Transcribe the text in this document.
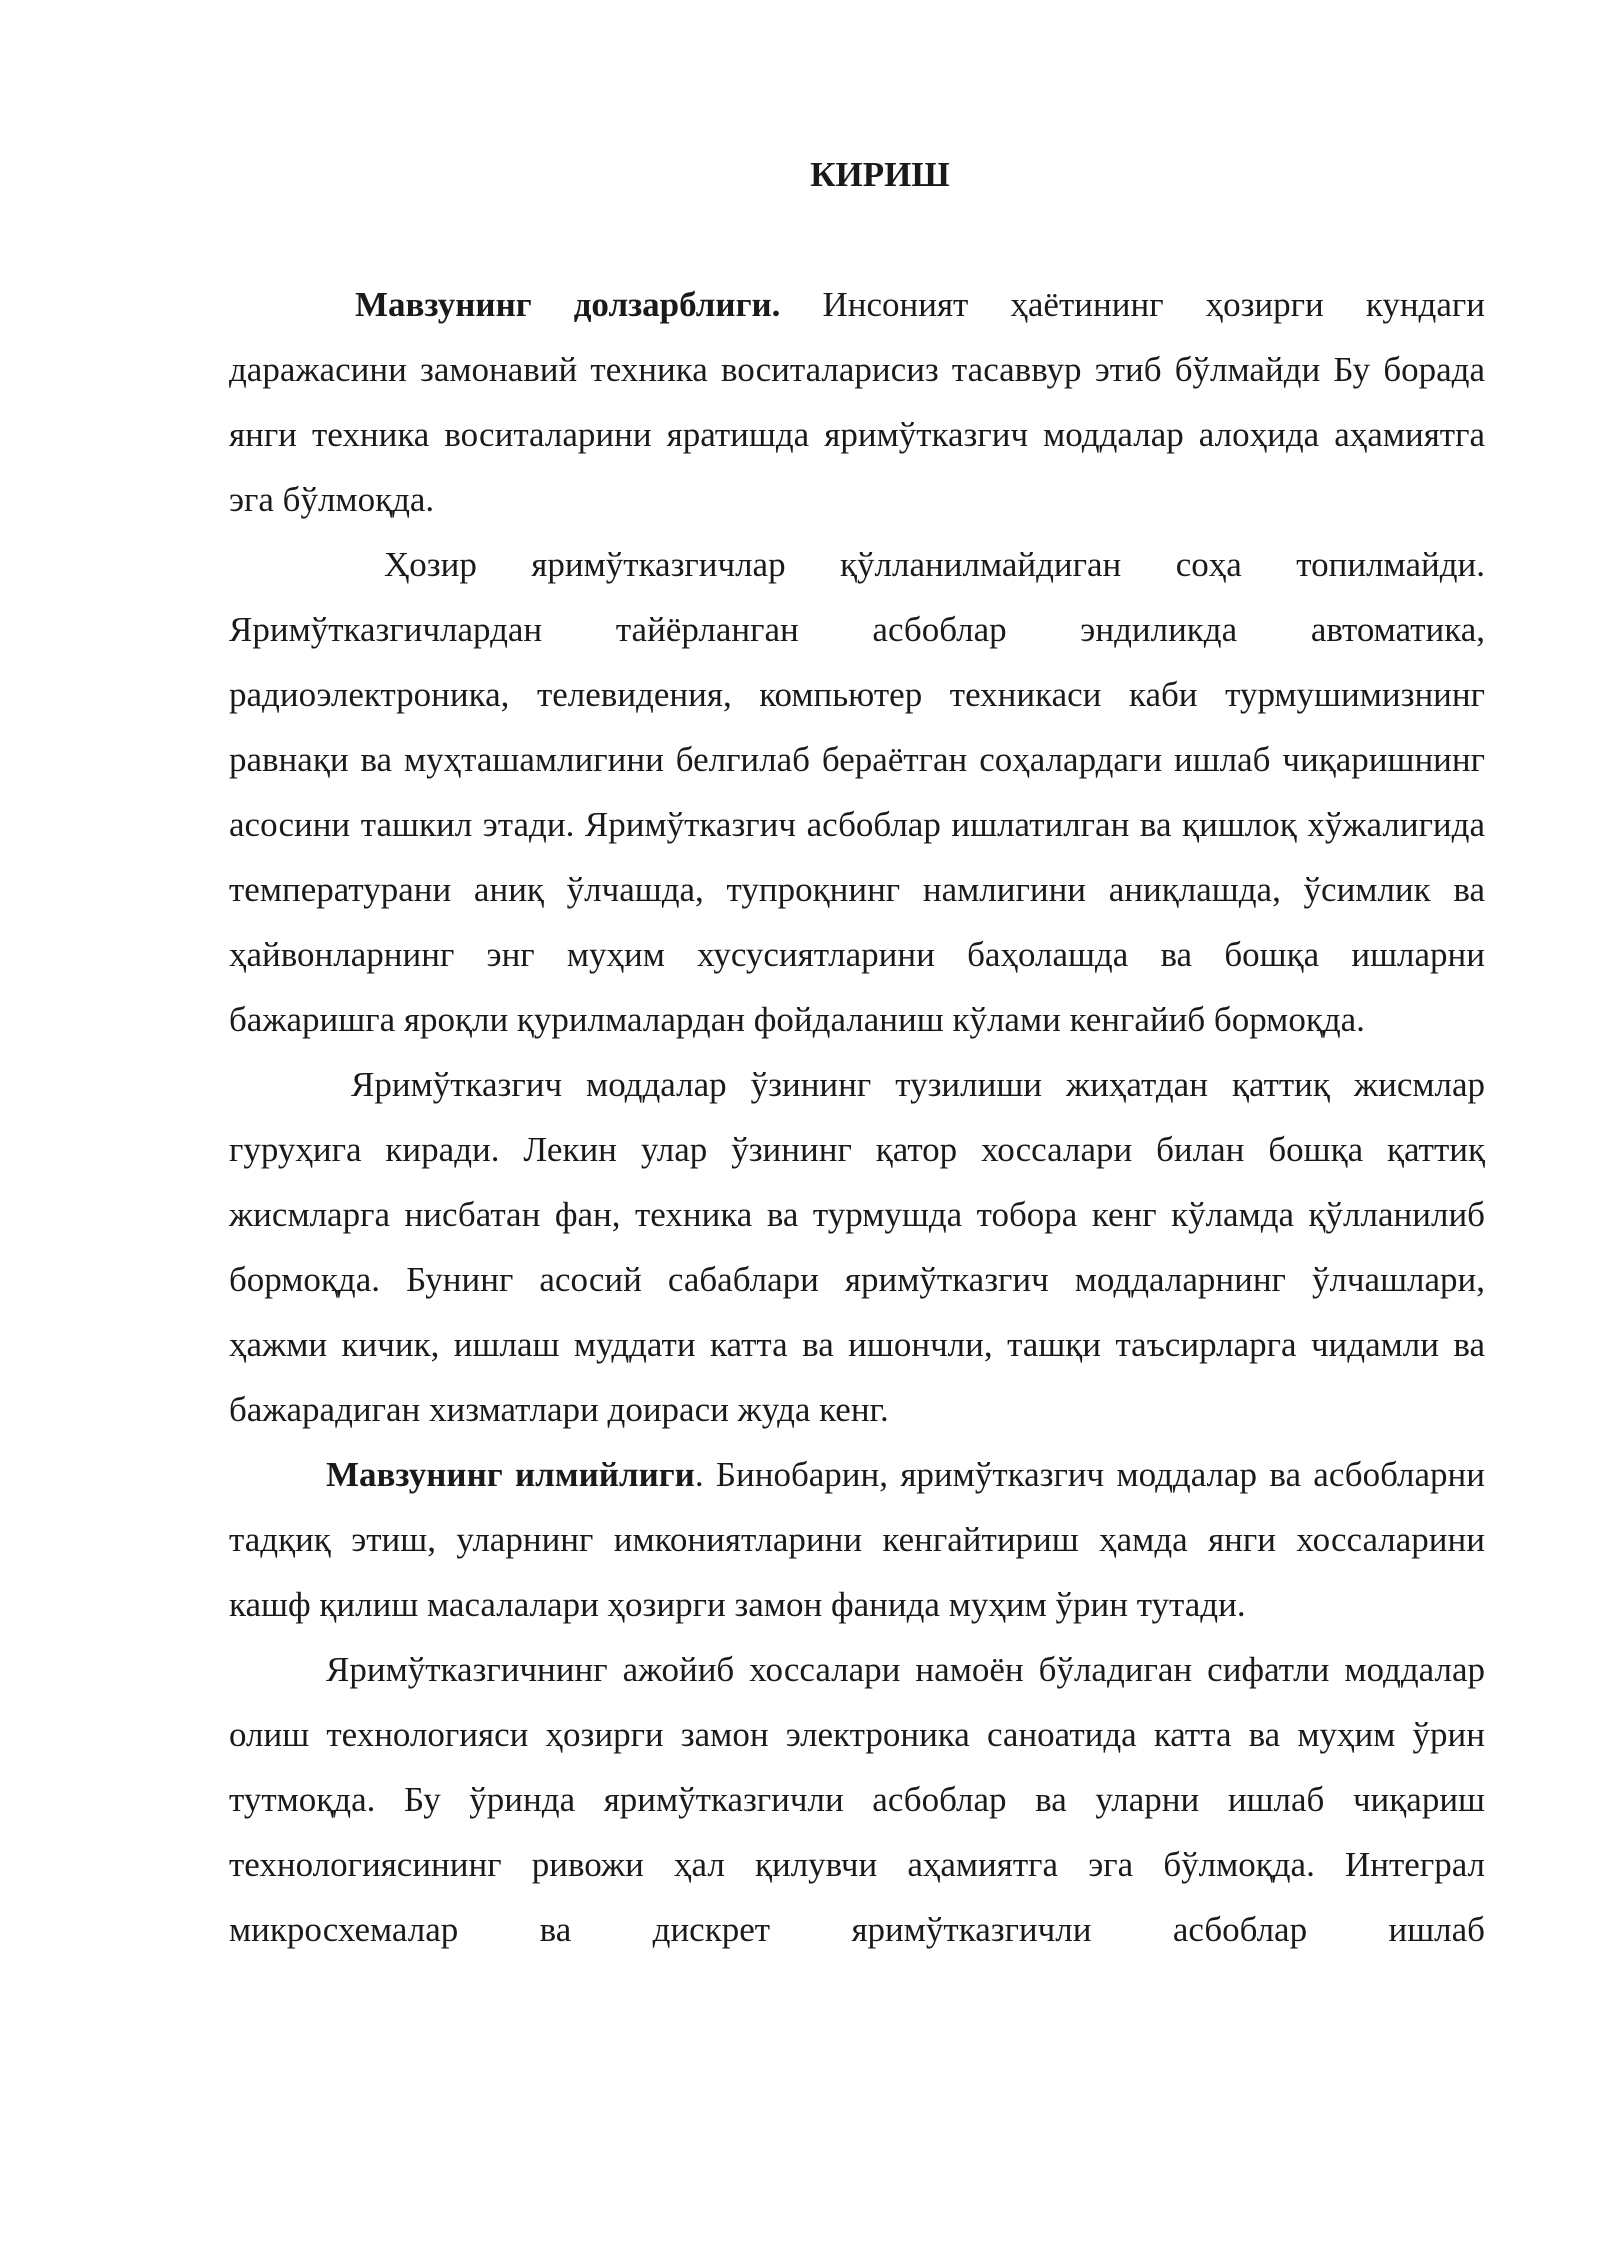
КИРИШ

Мавзунинг долзарблиги. Инсоният ҳаётининг ҳозирги кундаги даражасини замонавий техника воситаларисиз тасаввур этиб бўлмайди Бу борада янги техника воситаларини яратишда яримўтказгич моддалар алоҳида аҳамиятга эга бўлмоқда.

Ҳозир яримўтказгичлар қўлланилмайдиган соҳа топилмайди. Яримўтказгичлардан тайёрланган асбоблар эндиликда автоматика, радиоэлектроника, телевидения, компьютер техникаси каби турмушимизнинг равнақи ва муҳташамлигини белгилаб бераётган соҳалардаги ишлаб чиқаришнинг асосини ташкил этади. Яримўтказгич асбоблар ишлатилган ва қишлоқ хўжалигида температурани аниқ ўлчашда, тупроқнинг намлигини аниқлашда, ўсимлик ва ҳайвонларнинг энг муҳим хусусиятларини баҳолашда ва бошқа ишларни бажаришга яроқли қурилмалардан фойдаланиш кўлами кенгайиб бормоқда.

Яримўтказгич моддалар ўзининг тузилиши жиҳатдан қаттиқ жисмлар гуруҳига киради. Лекин улар ўзининг қатор хоссалари билан бошқа қаттиқ жисмларга нисбатан фан, техника ва турмушда тобора кенг кўламда қўлланилиб бормоқда. Бунинг асосий сабаблари яримўтказгич моддаларнинг ўлчашлари, ҳажми кичик, ишлаш муддати катта ва ишончли, ташқи таъсирларга чидамли ва бажарадиган хизматлари доираси жуда кенг.

Мавзунинг илмийлиги. Бинобарин, яримўтказгич моддалар ва асбобларни тадқиқ этиш, уларнинг имкониятларини кенгайтириш ҳамда янги хоссаларини кашф қилиш масалалари ҳозирги замон фанида муҳим ўрин тутади.

Яримўтказгичнинг ажойиб хоссалари намоён бўладиган сифатли моддалар олиш технологияси ҳозирги замон электроника саноатида катта ва муҳим ўрин тутмоқда. Бу ўринда яримўтказгичли асбоблар ва уларни ишлаб чиқариш технологиясининг ривожи ҳал қилувчи аҳамиятга эга бўлмоқда. Интеграл микросхемалар ва дискрет яримўтказгичли асбоблар ишлаб
